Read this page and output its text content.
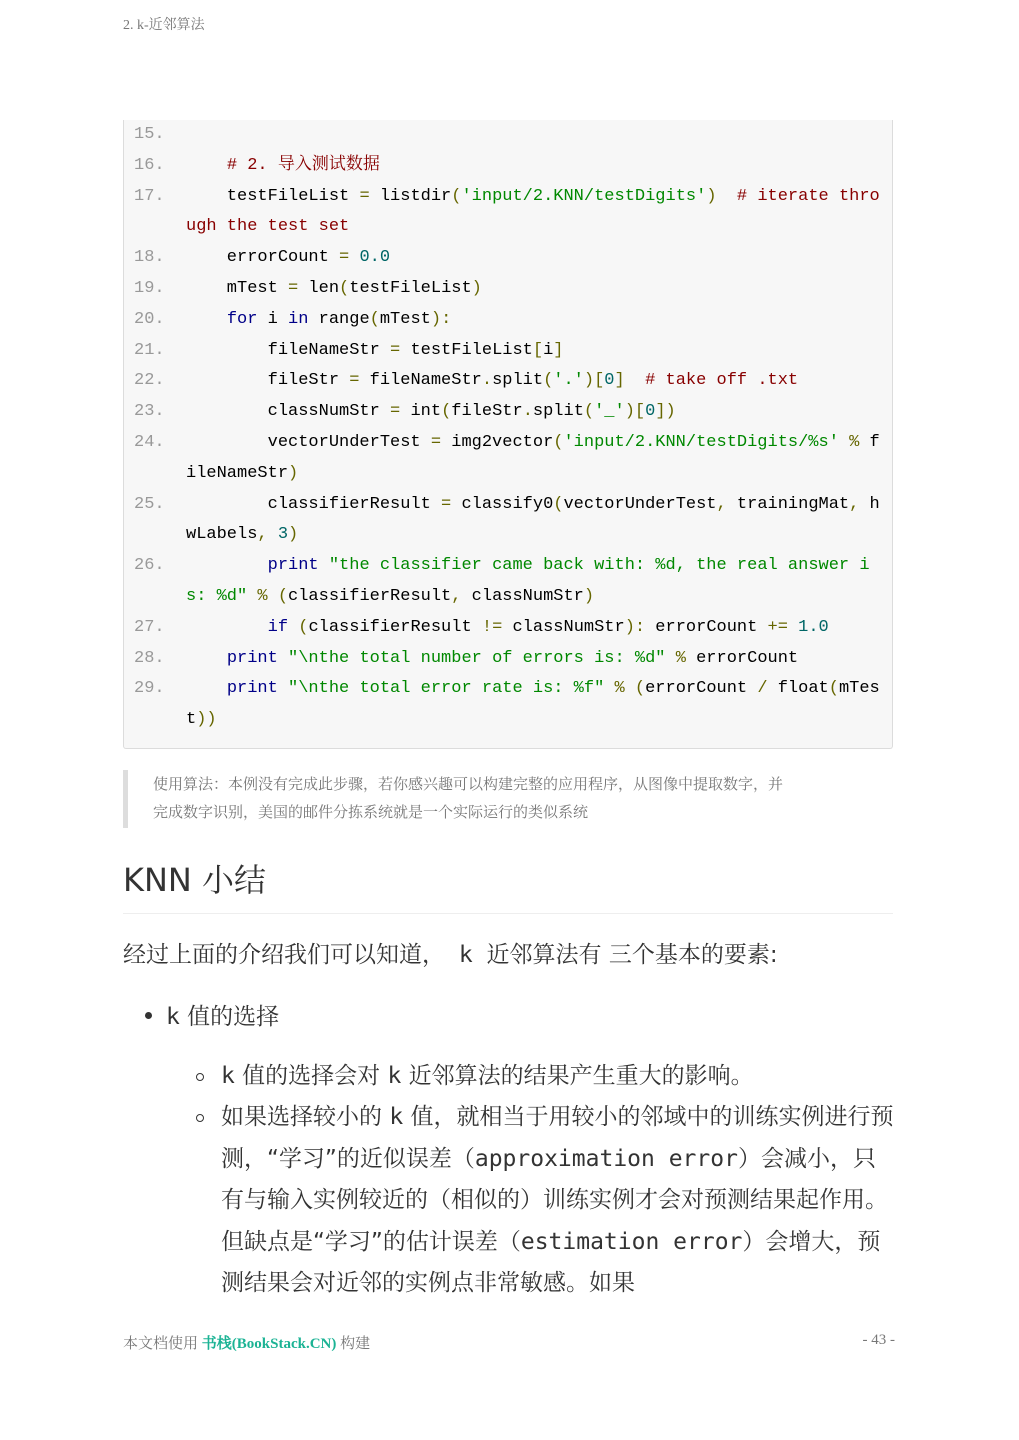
2. k-近邻算法
15.
16.	# 2. 导入测试数据
17.    testFileList = listdir('input/2.KNN/testDigits') # iterate through the test set
18.    errorCount = 0.0
19.    mTest = len(testFileList)
20.	for i in range(mTest):
21.        fileNameStr = testFileList[i]
22.        fileStr = fileNameStr.split('.')[0] # take off .txt
23.        classNumStr = int(fileStr.split('_')[0])
24.        vectorUnderTest = img2vector('input/2.KNN/testDigits/%s' % fileNameStr)
25.        classifierResult = classify0(vectorUnderTest, trainingMat, hwLabels, 3)
26.	print "the classifier came back with: %d, the real answer is: %d" % (classifierResult, classNumStr)
27.	if (classifierResult != classNumStr): errorCount += 1.0
28.	print "\nthe total number of errors is: %d" % errorCount
29.	print "\nthe total error rate is: %f" % (errorCount / float(mTest))
使用算法：本例没有完成此步骤，若你感兴趣可以构建完整的应用程序，从图像中提取数字，并
完成数字识别，美国的邮件分拣系统就是一个实际运行的类似系统
KNN 小结
经过上面的介绍我们可以知道， k 近邻算法有 三个基本的要素:
k 值的选择
k 值的选择会对 k 近邻算法的结果产生重大的影响。
如果选择较小的 k 值，就相当于用较小的邻域中的训练实例进行预测，“学习”的近似误差（approximation error）会减小，只有与输入实例较近的（相似的）训练实例才会对预测结果起作用。但缺点是“学习”的估计误差（estimation error）会增大，预测结果会对近邻的实例点非常敏感。如果
本文档使用 书栈(BookStack.CN) 构建	- 43 -
